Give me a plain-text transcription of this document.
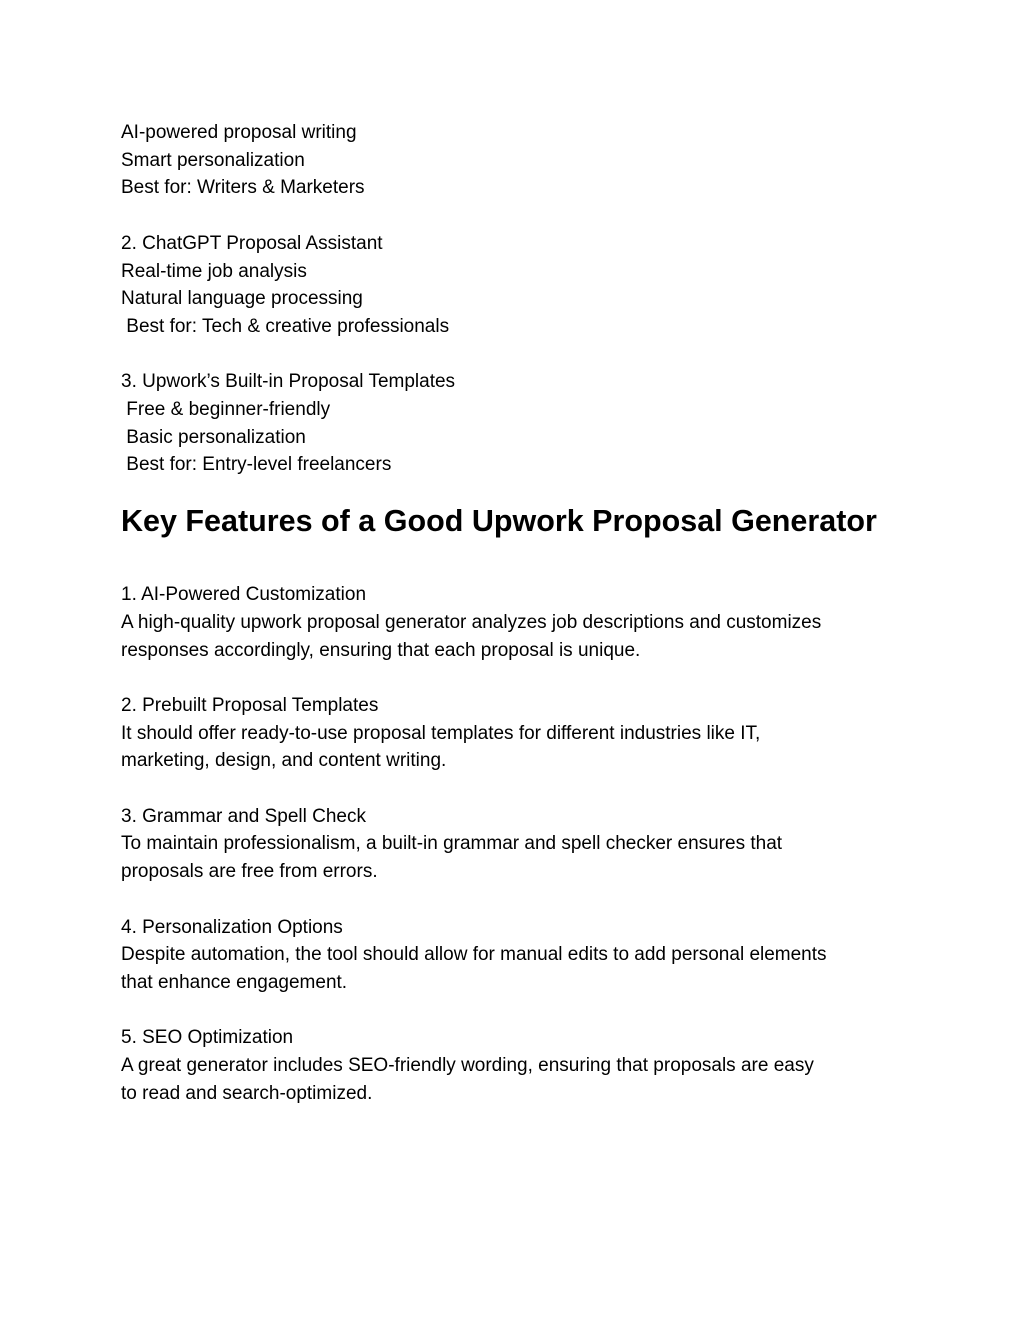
AI-powered proposal writing

Smart personalization

Best for: Writers & Marketers

2. ChatGPT Proposal Assistant

Real-time job analysis

Natural language processing

Best for: Tech & creative professionals

3. Upwork’s Built-in Proposal Templates

Free & beginner-friendly

Basic personalization

Best for: Entry-level freelancers

Key Features of a Good Upwork Proposal Generator

1. AI-Powered Customization

A high-quality upwork proposal generator analyzes job descriptions and customizes

responses accordingly, ensuring that each proposal is unique.

2. Prebuilt Proposal Templates

It should offer ready-to-use proposal templates for different industries like IT,

marketing, design, and content writing.

3. Grammar and Spell Check

To maintain professionalism, a built-in grammar and spell checker ensures that

proposals are free from errors.

4. Personalization Options

Despite automation, the tool should allow for manual edits to add personal elements

that enhance engagement.

5. SEO Optimization

A great generator includes SEO-friendly wording, ensuring that proposals are easy

to read and search-optimized.
